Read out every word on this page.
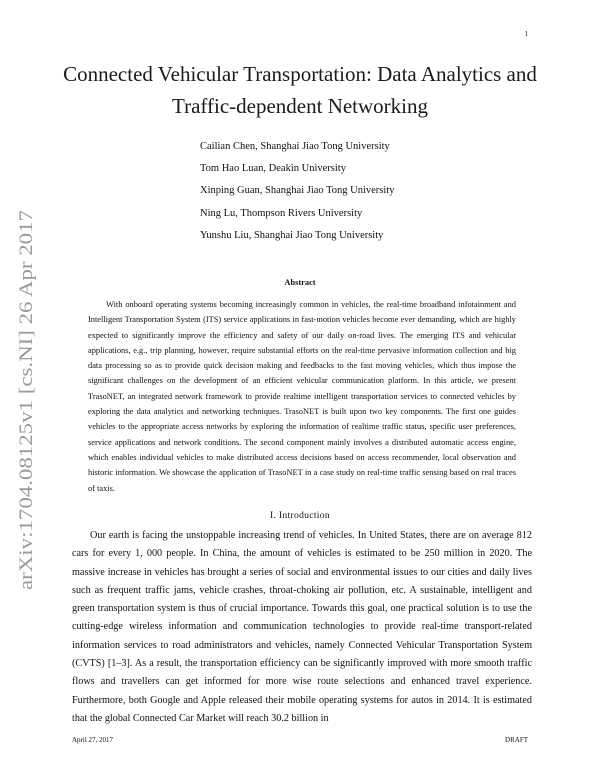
1
arXiv:1704.08125v1 [cs.NI] 26 Apr 2017
Connected Vehicular Transportation: Data Analytics and Traffic-dependent Networking
Cailian Chen, Shanghai Jiao Tong University
Tom Hao Luan, Deakin University
Xinping Guan, Shanghai Jiao Tong University
Ning Lu, Thompson Rivers University
Yunshu Liu, Shanghai Jiao Tong University
Abstract

With onboard operating systems becoming increasingly common in vehicles, the real-time broadband infotainment and Intelligent Transportation System (ITS) service applications in fast-motion vehicles become ever demanding, which are highly expected to significantly improve the efficiency and safety of our daily on-road lives. The emerging ITS and vehicular applications, e.g., trip planning, however, require substantial efforts on the real-time pervasive information collection and big data processing so as to provide quick decision making and feedbacks to the fast moving vehicles, which thus impose the significant challenges on the development of an efficient vehicular communication platform. In this article, we present TrasoNET, an integrated network framework to provide realtime intelligent transportation services to connected vehicles by exploring the data analytics and networking techniques. TrasoNET is built upon two key components. The first one guides vehicles to the appropriate access networks by exploring the information of realtime traffic status, specific user preferences, service applications and network conditions. The second component mainly involves a distributed automatic access engine, which enables individual vehicles to make distributed access decisions based on access recommender, local observation and historic information. We showcase the application of TrasoNET in a case study on real-time traffic sensing based on real traces of taxis.

I. Introduction

Our earth is facing the unstoppable increasing trend of vehicles. In United States, there are on average 812 cars for every 1, 000 people. In China, the amount of vehicles is estimated to be 250 million in 2020. The massive increase in vehicles has brought a series of social and environmental issues to our cities and daily lives such as frequent traffic jams, vehicle crashes, throat-choking air pollution, etc. A sustainable, intelligent and green transportation system is thus of crucial importance. Towards this goal, one practical solution is to use the cutting-edge wireless information and communication technologies to provide real-time transport-related information services to road administrators and vehicles, namely Connected Vehicular Transportation System (CVTS) [1–3]. As a result, the transportation efficiency can be significantly improved with more smooth traffic flows and travellers can get informed for more wise route selections and enhanced travel experience. Furthermore, both Google and Apple released their mobile operating systems for autos in 2014. It is estimated that the global Connected Car Market will reach 30.2 billion in

April 27, 2017	DRAFT
